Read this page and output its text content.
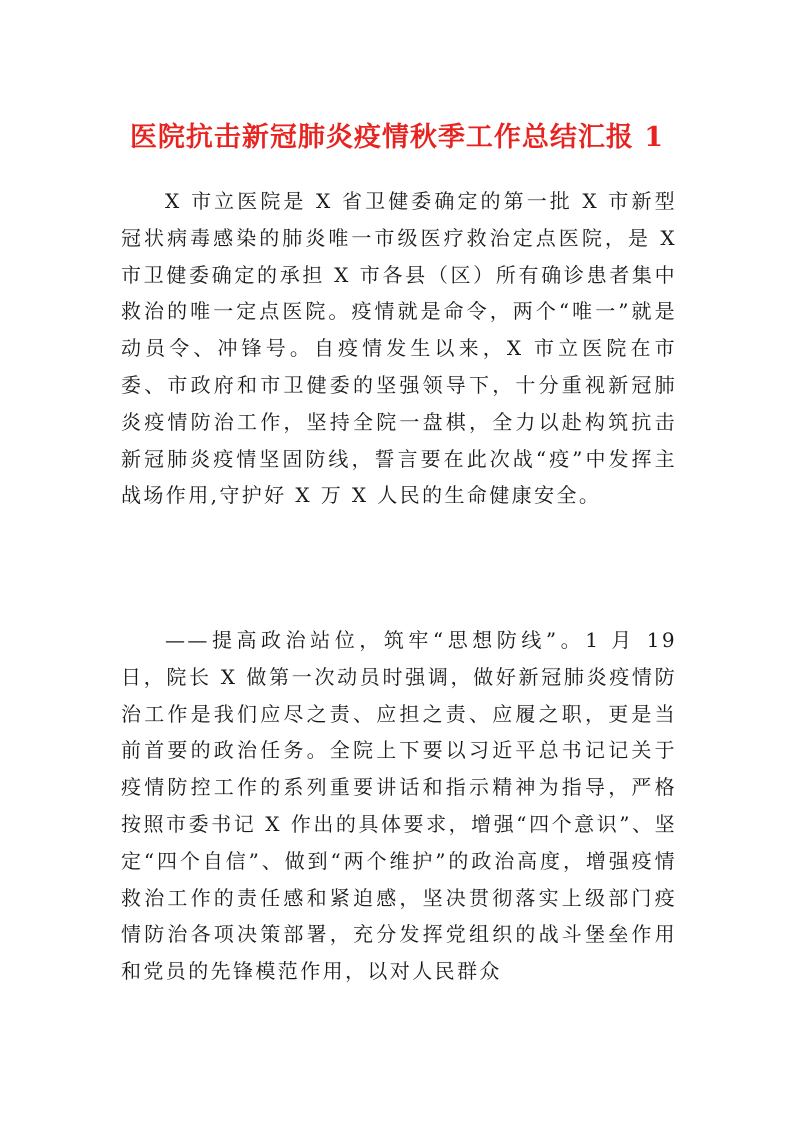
医院抗击新冠肺炎疫情秋季工作总结汇报 1

X 市立医院是 X 省卫健委确定的第一批 X 市新型冠状病毒感染的肺炎唯一市级医疗救治定点医院，是 X 市卫健委确定的承担 X 市各县（区）所有确诊患者集中救治的唯一定点医院。疫情就是命令，两个“唯一”就是动员令、冲锋号。自疫情发生以来，X 市立医院在市委、市政府和市卫健委的坚强领导下，十分重视新冠肺炎疫情防治工作，坚持全院一盘棋，全力以赴构筑抗击新冠肺炎疫情坚固防线，誓言要在此次战“疫”中发挥主战场作用,守护好 X 万 X 人民的生命健康安全。

——提高政治站位，筑牢“思想防线”。1 月 19 日，院长 X 做第一次动员时强调，做好新冠肺炎疫情防治工作是我们应尽之责、应担之责、应履之职，更是当前首要的政治任务。全院上下要以习近平总书记记关于疫情防控工作的系列重要讲话和指示精神为指导，严格按照市委书记 X 作出的具体要求，增强“四个意识”、坚定“四个自信”、做到“两个维护”的政治高度，增强疫情救治工作的责任感和紧迫感，坚决贯彻落实上级部门疫情防治各项决策部署，充分发挥党组织的战斗堡垒作用和党员的先锋模范作用，以对人民群众
